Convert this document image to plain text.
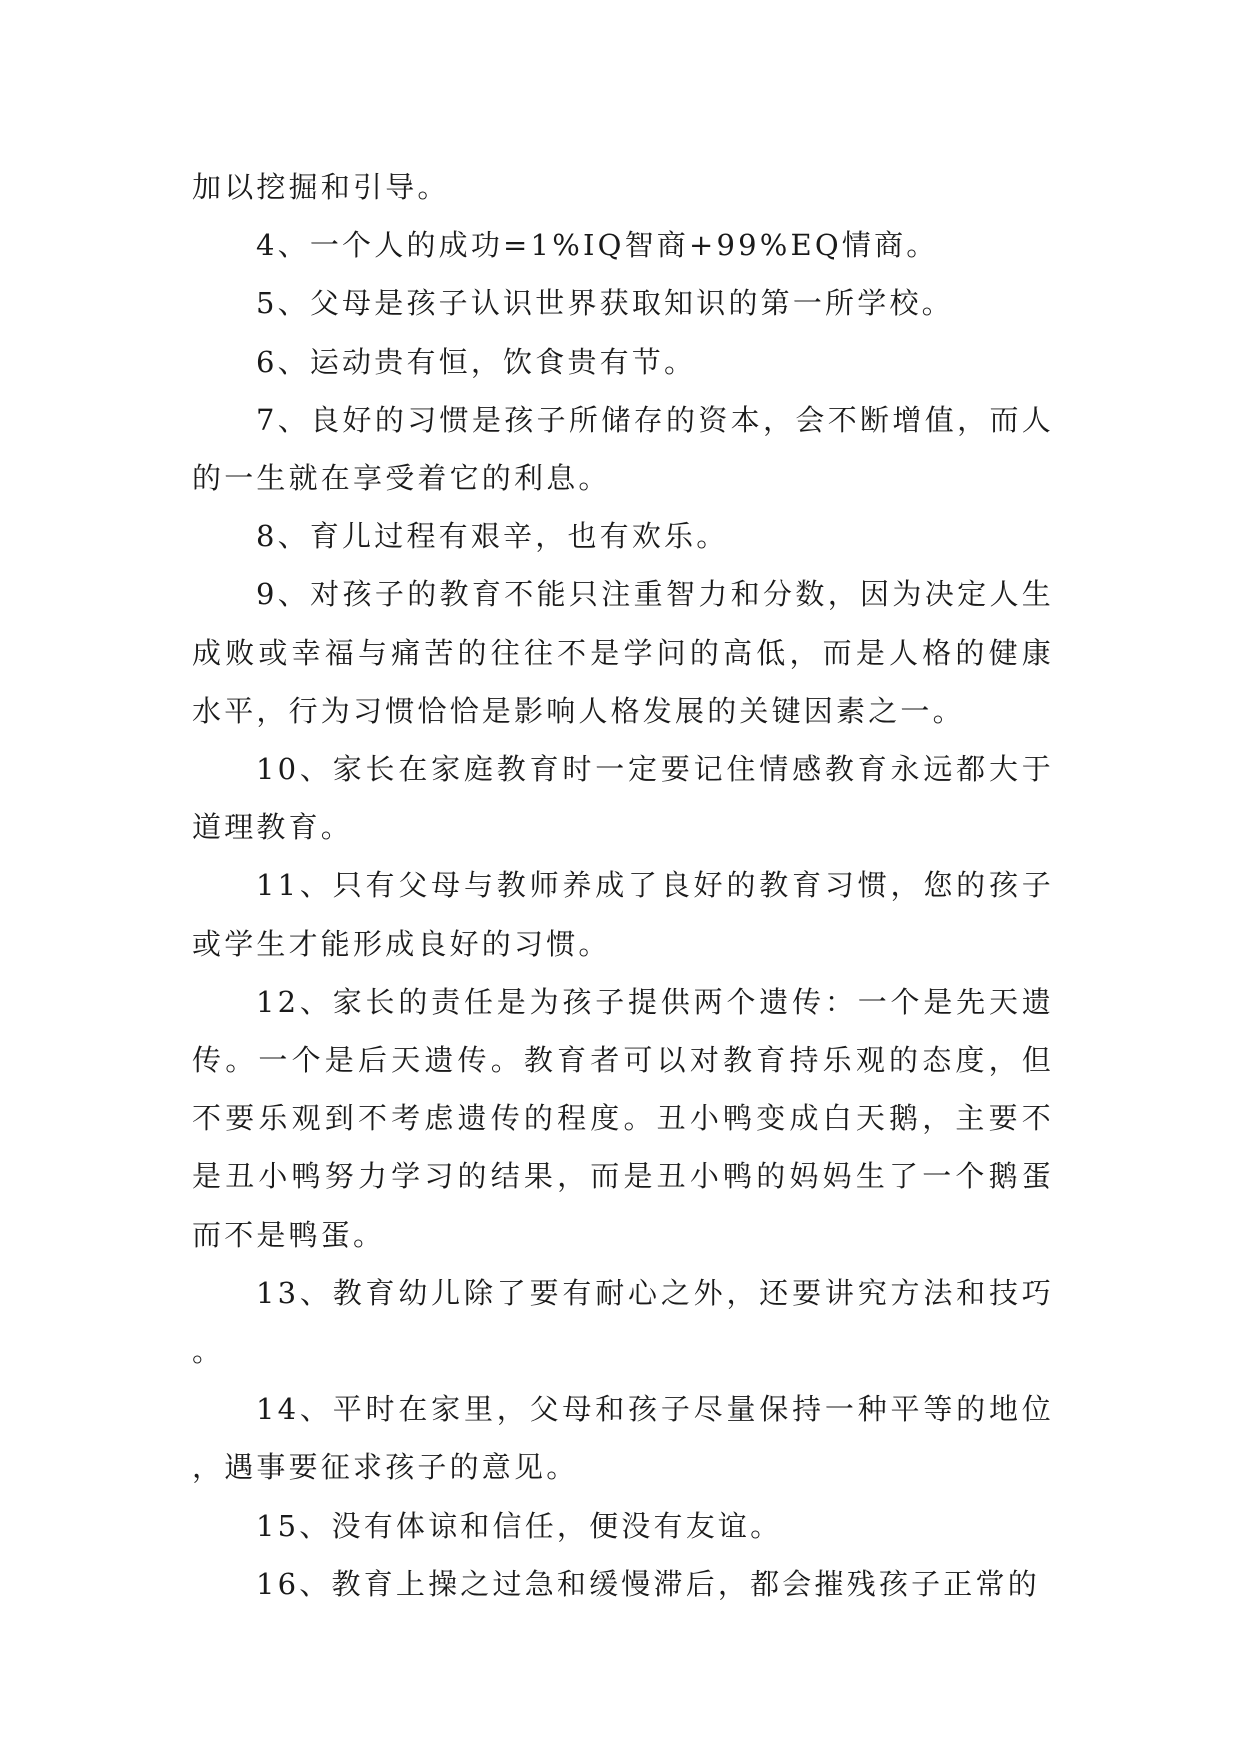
加以挖掘和引导。

4、一个人的成功=1%IQ智商+99%EQ情商。

5、父母是孩子认识世界获取知识的第一所学校。

6、运动贵有恒，饮食贵有节。

7、良好的习惯是孩子所储存的资本，会不断增值，而人的一生就在享受着它的利息。

8、育儿过程有艰辛，也有欢乐。

9、对孩子的教育不能只注重智力和分数，因为决定人生成败或幸福与痛苦的往往不是学问的高低，而是人格的健康水平，行为习惯恰恰是影响人格发展的关键因素之一。

10、家长在家庭教育时一定要记住情感教育永远都大于道理教育。

11、只有父母与教师养成了良好的教育习惯，您的孩子或学生才能形成良好的习惯。

12、家长的责任是为孩子提供两个遗传：一个是先天遗传。一个是后天遗传。教育者可以对教育持乐观的态度，但不要乐观到不考虑遗传的程度。丑小鸭变成白天鹅，主要不是丑小鸭努力学习的结果，而是丑小鸭的妈妈生了一个鹅蛋而不是鸭蛋。

13、教育幼儿除了要有耐心之外，还要讲究方法和技巧。

14、平时在家里，父母和孩子尽量保持一种平等的地位，遇事要征求孩子的意见。

15、没有体谅和信任，便没有友谊。

16、教育上操之过急和缓慢滞后，都会摧残孩子正常的
